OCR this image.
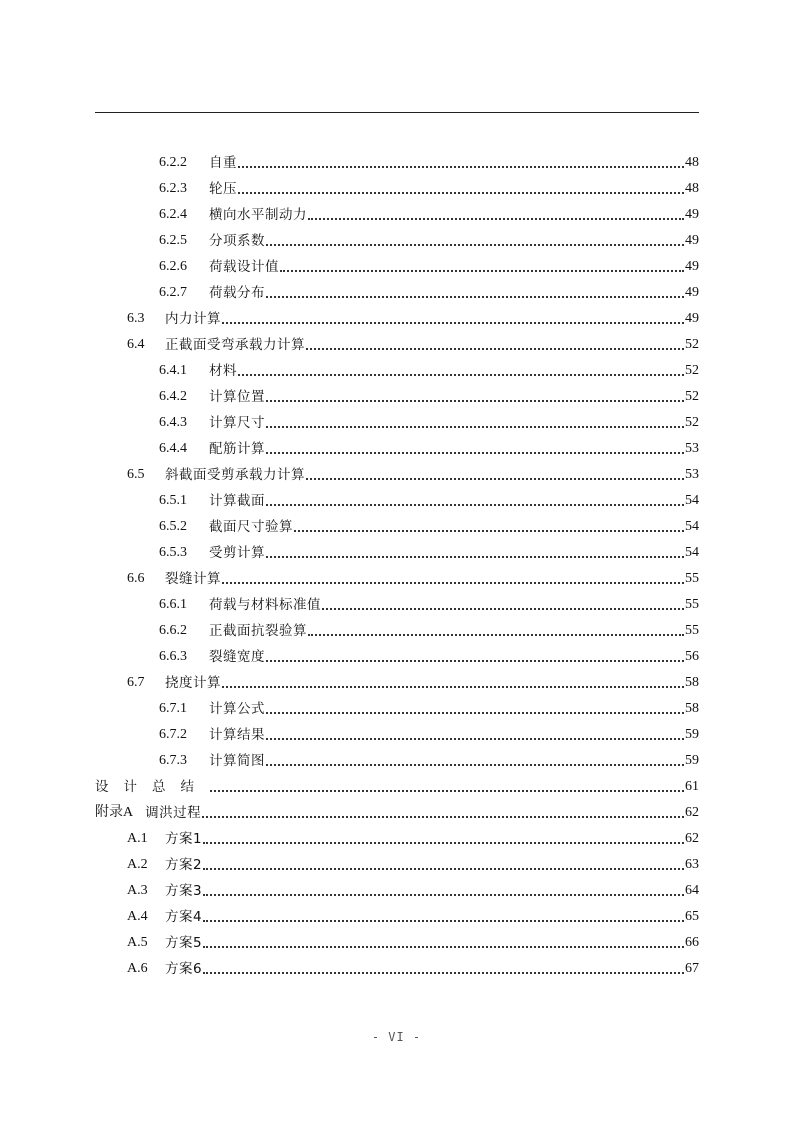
6.2.2	自重	48
6.2.3	轮压	48
6.2.4	横向水平制动力	49
6.2.5	分项系数	49
6.2.6	荷载设计值	49
6.2.7	荷载分布	49
6.3	内力计算	49
6.4	正截面受弯承载力计算	52
6.4.1	材料	52
6.4.2	计算位置	52
6.4.3	计算尺寸	52
6.4.4	配筋计算	53
6.5	斜截面受剪承载力计算	53
6.5.1	计算截面	54
6.5.2	截面尺寸验算	54
6.5.3	受剪计算	54
6.6	裂缝计算	55
6.6.1	荷载与材料标准值	55
6.6.2	正截面抗裂验算	55
6.6.3	裂缝宽度	56
6.7	挠度计算	58
6.7.1	计算公式	58
6.7.2	计算结果	59
6.7.3	计算简图	59
设计总结	61
附录A 调洪过程	62
A.1	方案1	62
A.2	方案2	63
A.3	方案3	64
A.4	方案4	65
A.5	方案5	66
A.6	方案6	67
- VI -
